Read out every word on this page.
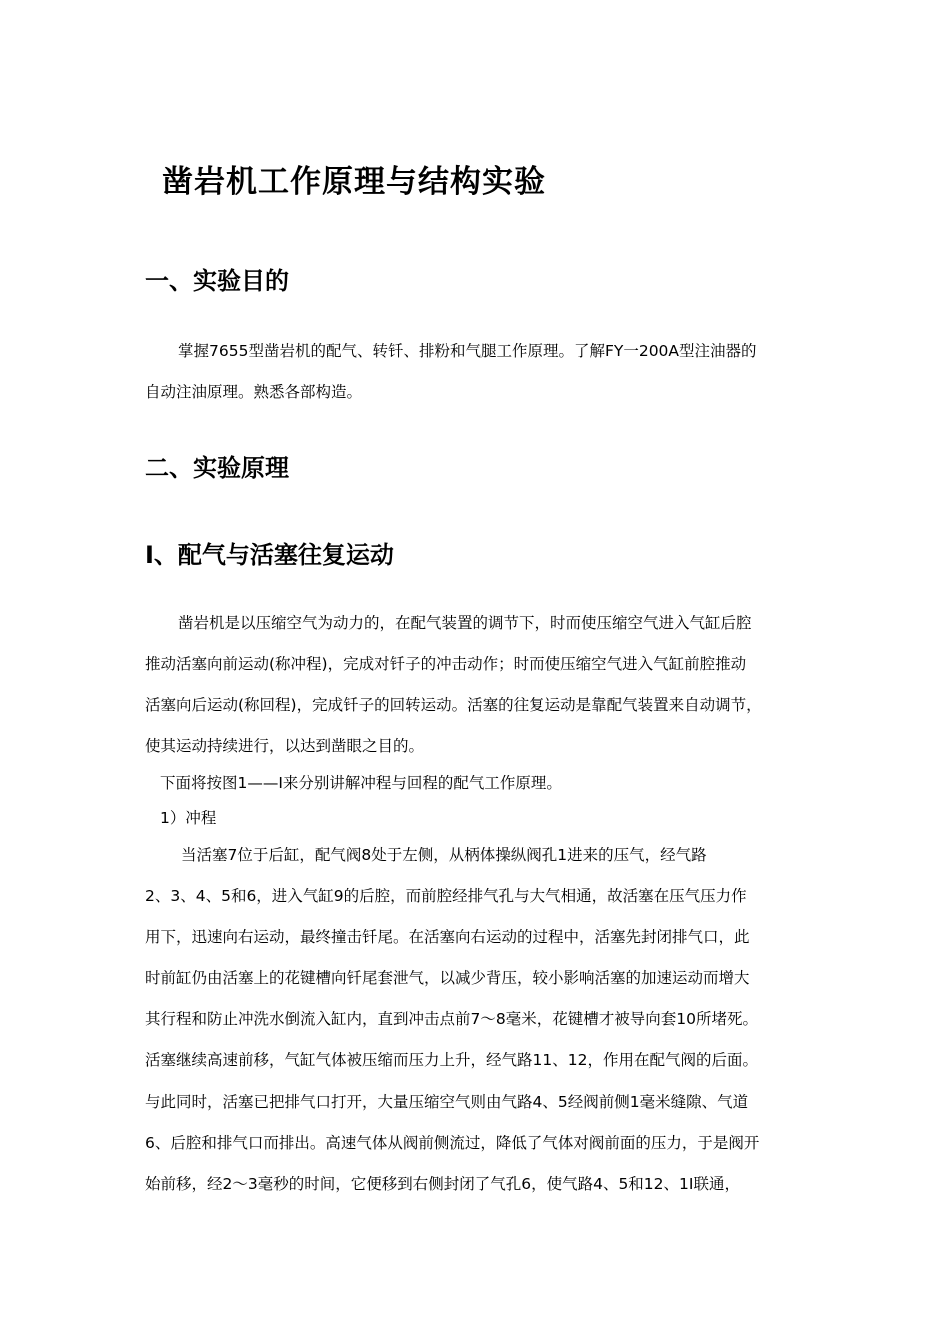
凿岩机工作原理与结构实验
一、实验目的

掌握7655型凿岩机的配气、转钎、排粉和气腿工作原理。了解FY一200A型注油器的

自动注油原理。熟悉各部构造。

二、实验原理
I、配气与活塞往复运动

凿岩机是以压缩空气为动力的，在配气装置的调节下，时而使压缩空气进入气缸后腔

推动活塞向前运动(称冲程)，完成对钎子的冲击动作；时而使压缩空气进入气缸前腔推动

活塞向后运动(称回程)，完成钎子的回转运动。活塞的往复运动是靠配气装置来自动调节，

使其运动持续进行，以达到凿眼之目的。

下面将按图1——I来分别讲解冲程与回程的配气工作原理。

1）冲程

当活塞7位于后缸，配气阀8处于左侧，从柄体操纵阀孔1进来的压气，经气路

2、3、4、5和6，进入气缸9的后腔，而前腔经排气孔与大气相通，故活塞在压气压力作

用下，迅速向右运动，最终撞击钎尾。在活塞向右运动的过程中，活塞先封闭排气口，此

时前缸仍由活塞上的花键槽向钎尾套泄气，以减少背压，较小影响活塞的加速运动而增大

其行程和防止冲洗水倒流入缸内，直到冲击点前7～8毫米，花键槽才被导向套10所堵死。

活塞继续高速前移，气缸气体被压缩而压力上升，经气路11、12，作用在配气阀的后面。

与此同时，活塞已把排气口打开，大量压缩空气则由气路4、5经阀前侧1毫米缝隙、气道

6、后腔和排气口而排出。高速气体从阀前侧流过，降低了气体对阀前面的压力，于是阀开

始前移，经2～3毫秒的时间，它便移到右侧封闭了气孔6，使气路4、5和12、1I联通，
